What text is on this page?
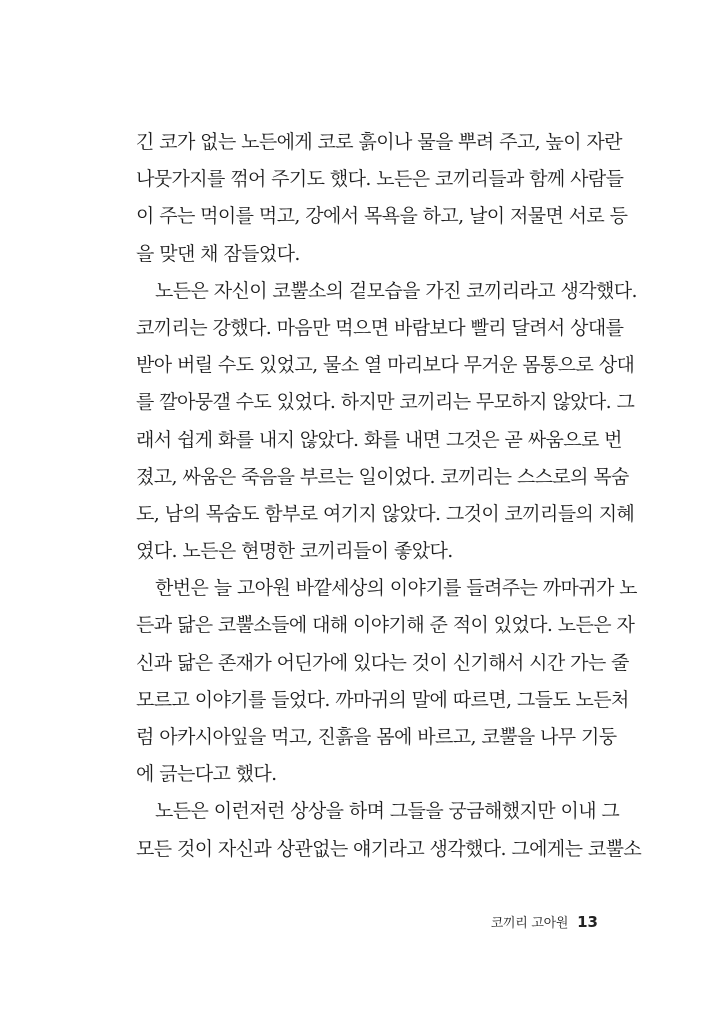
긴 코가 없는 노든에게 코로 흙이나 물을 뿌려 주고, 높이 자란
나뭇가지를 꺾어 주기도 했다. 노든은 코끼리들과 함께 사람들
이 주는 먹이를 먹고, 강에서 목욕을 하고, 날이 저물면 서로 등
을 맞댄 채 잠들었다.
노든은 자신이 코뿔소의 겉모습을 가진 코끼리라고 생각했다.
코끼리는 강했다. 마음만 먹으면 바람보다 빨리 달려서 상대를
받아 버릴 수도 있었고, 물소 열 마리보다 무거운 몸통으로 상대
를 깔아뭉갤 수도 있었다. 하지만 코끼리는 무모하지 않았다. 그
래서 쉽게 화를 내지 않았다. 화를 내면 그것은 곧 싸움으로 번
졌고, 싸움은 죽음을 부르는 일이었다. 코끼리는 스스로의 목숨
도, 남의 목숨도 함부로 여기지 않았다. 그것이 코끼리들의 지혜
였다. 노든은 현명한 코끼리들이 좋았다.
한번은 늘 고아원 바깥세상의 이야기를 들려주는 까마귀가 노
든과 닮은 코뿔소들에 대해 이야기해 준 적이 있었다. 노든은 자
신과 닮은 존재가 어딘가에 있다는 것이 신기해서 시간 가는 줄
모르고 이야기를 들었다. 까마귀의 말에 따르면, 그들도 노든처
럼 아카시아잎을 먹고, 진흙을 몸에 바르고, 코뿔을 나무 기둥
에 긁는다고 했다.
노든은 이런저런 상상을 하며 그들을 궁금해했지만 이내 그
모든 것이 자신과 상관없는 얘기라고 생각했다. 그에게는 코뿔소
코끼리 고아원 13
